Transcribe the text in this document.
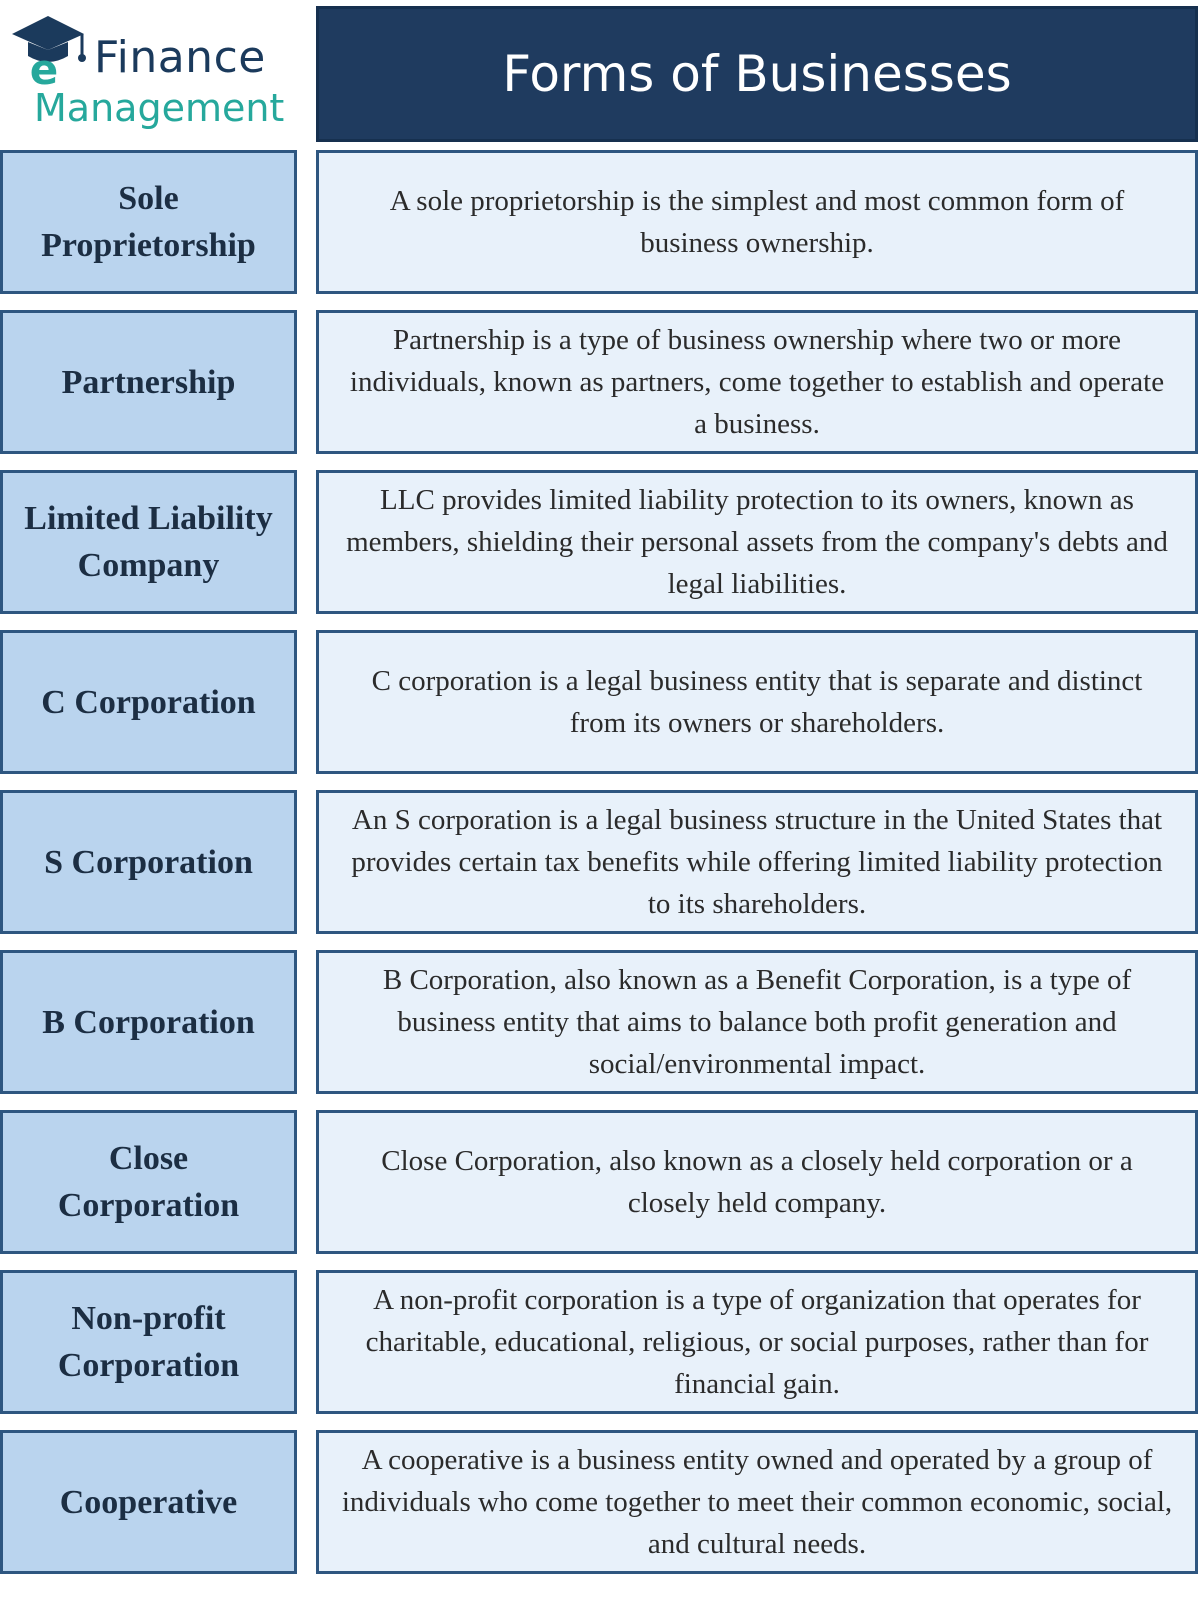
e Finance
Management
Forms of Businesses
Sole Proprietorship
A sole proprietorship is the simplest and most common form of business ownership.
Partnership
Partnership is a type of business ownership where two or more individuals, known as partners, come together to establish and operate a business.
Limited Liability Company
LLC provides limited liability protection to its owners, known as members, shielding their personal assets from the company's debts and legal liabilities.
C Corporation
C corporation is a legal business entity that is separate and distinct from its owners or shareholders.
S Corporation
An S corporation is a legal business structure in the United States that provides certain tax benefits while offering limited liability protection to its shareholders.
B Corporation
B Corporation, also known as a Benefit Corporation, is a type of business entity that aims to balance both profit generation and social/environmental impact.
Close Corporation
Close Corporation, also known as a closely held corporation or a closely held company.
Non-profit Corporation
A non-profit corporation is a type of organization that operates for charitable, educational, religious, or social purposes, rather than for financial gain.
Cooperative
A cooperative is a business entity owned and operated by a group of individuals who come together to meet their common economic, social, and cultural needs.
